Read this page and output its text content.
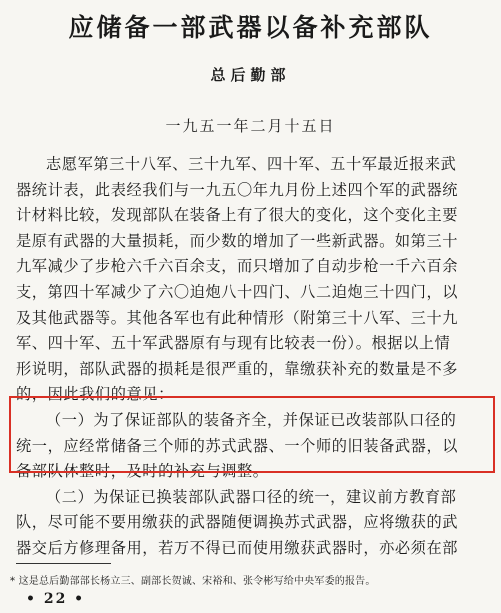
应储备一部武器以备补充部队
总后勤部
一九五一年二月十五日
志愿军第三十八军、三十九军、四十军、五十军最近报来武
器统计表，此表经我们与一九五〇年九月份上述四个军的武器统
计材料比较，发现部队在装备上有了很大的变化，这个变化主要
是原有武器的大量损耗，而少数的增加了一些新武器。如第三十
九军减少了步枪六千六百余支，而只增加了自动步枪一千六百余
支，第四十军减少了六〇迫炮八十四门、八二迫炮三十四门，以
及其他武器等。其他各军也有此种情形（附第三十八军、三十九
军、四十军、五十军武器原有与现有比较表一份）。根据以上情
形说明，部队武器的损耗是很严重的，靠缴获补充的数量是不多
的，因此我们的意见：
（一）为了保证部队的装备齐全，并保证已改装部队口径的
统一，应经常储备三个师的苏式武器、一个师的旧装备武器，以
备部队休整时，及时的补充与调整。
（二）为保证已换装部队武器口径的统一，建议前方教育部
队，尽可能不要用缴获的武器随便调换苏式武器，应将缴获的武
器交后方修理备用，若万不得已而使用缴获武器时，亦必须在部
* 这是总后勤部部长杨立三、副部长贺诚、宋裕和、张令彬写给中央军委的报告。
• 22 •
